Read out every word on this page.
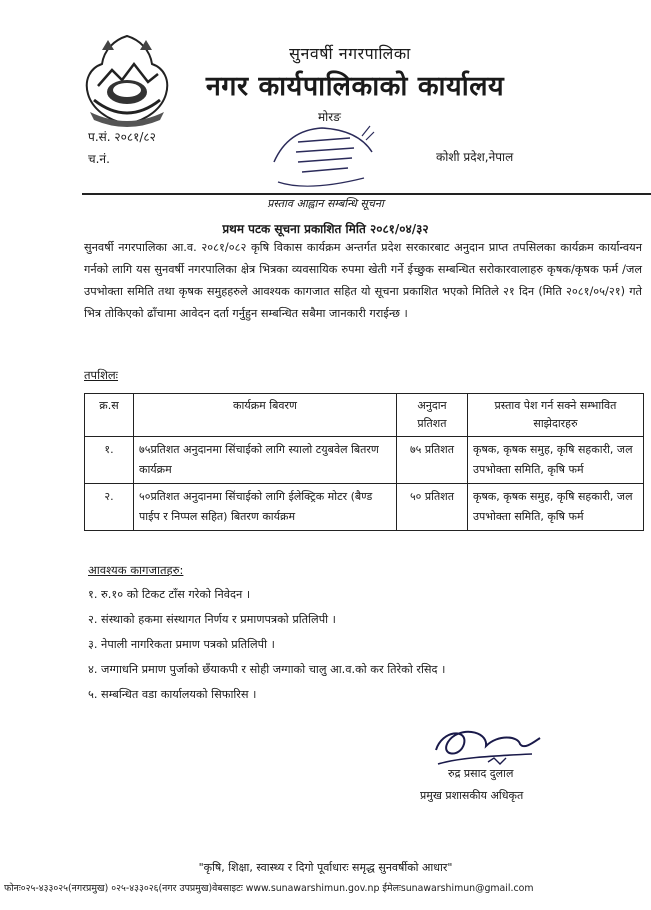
सुनवर्षी नगरपालिका
नगर कार्यपालिकाको कार्यालय
मोरङ
प.सं. २०८१/८२
च.नं.	कोशी प्रदेश,नेपाल
प्रस्ताव आह्वान सम्बन्धि सूचना
प्रथम पटक सूचना प्रकाशित मिति २०८१/०४/३२
सुनवर्षी नगरपालिका आ.व. २०८१/०८२ कृषि विकास कार्यक्रम अन्तर्गत प्रदेश सरकारबाट अनुदान प्राप्त तपसिलका कार्यक्रम कार्यान्वयन गर्नको लागि यस सुनवर्षी नगरपालिका क्षेत्र भित्रका व्यवसायिक रुपमा खेती गर्ने ईच्छुक सम्बन्धित सरोकारवालाहरु कृषक/कृषक फर्म /जल उपभोक्ता समिति तथा कृषक समुहहरुले आवश्यक कागजात सहित यो सूचना प्रकाशित भएको मितिले २१ दिन (मिति २०८१/०५/२१) गते भित्र तोकिएको ढाँचामा आवेदन दर्ता गर्नुहुन सम्बन्धित सबैमा जानकारी गराईन्छ ।
तपशिलः
क्र.स	कार्यक्रम बिवरण	अनुदान प्रतिशत	प्रस्ताव पेश गर्न सक्ने सम्भावित साझेदारहरु
१.	७५प्रतिशत अनुदानमा सिंचाईको लागि स्यालो टयुबवेल बितरण कार्यक्रम	७५ प्रतिशत	कृषक, कृषक समुह, कृषि सहकारी, जल उपभोक्ता समिति, कृषि फर्म
२.	५०प्रतिशत अनुदानमा सिंचाईको लागि ईलेक्ट्रिक मोटर (बैण्ड पाईप र निप्पल सहित) बितरण कार्यक्रम	५० प्रतिशत	कृषक, कृषक समुह, कृषि सहकारी, जल उपभोक्ता समिति, कृषि फर्म
आवश्यक कागजातहरु:
१. रु.१० को टिकट टाँस गरेको निवेदन ।
२. संस्थाको हकमा संस्थागत निर्णय र प्रमाणपत्रको प्रतिलिपी ।
३. नेपाली नागरिकता प्रमाण पत्रको प्रतिलिपी ।
४. जग्गाधनि प्रमाण पुर्जाको छँयाकपी र सोही जग्गाको चालु आ.व.को कर तिरेको रसिद ।
५. सम्बन्धित वडा कार्यालयको सिफारिस ।
रुद्र प्रसाद दुलाल
प्रमुख प्रशासकीय अधिकृत
"कृषि, शिक्षा, स्वास्थ्य र दिगो पूर्वाधारः समृद्ध सुनवर्षीको आधार"
फोनः०२५-४३३०२५(नगरप्रमुख) ०२५-४३३०२६(नगर उपप्रमुख)वेबसाइटः www.sunawarshimun.gov.np ईमेलःsunawarshimun@gmail.com
